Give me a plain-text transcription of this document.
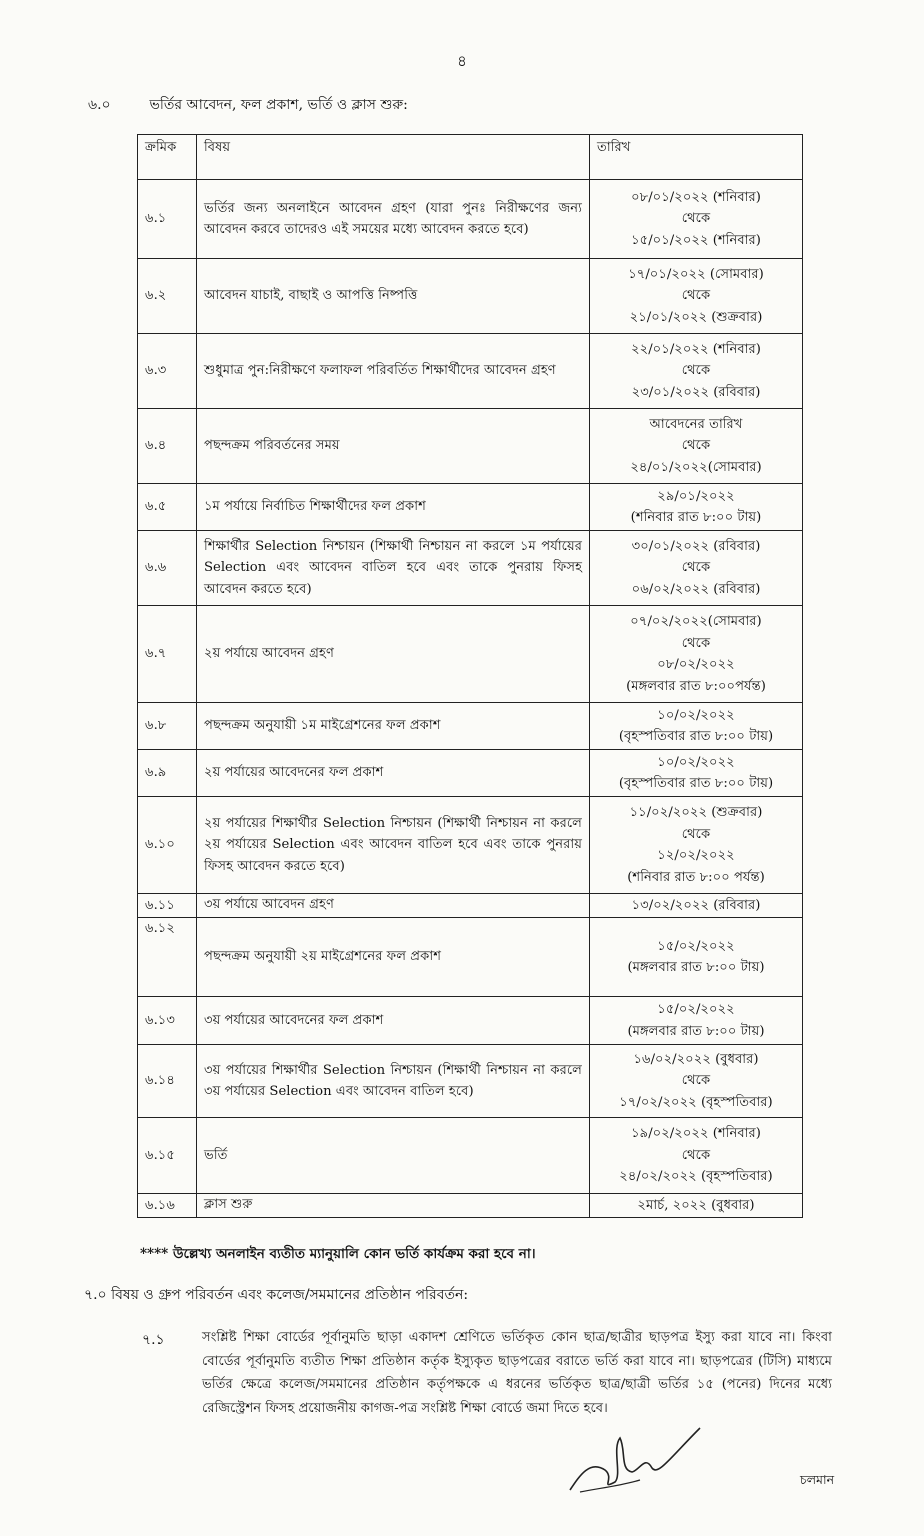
৪
৬.০	ভর্তির আবেদন, ফল প্রকাশ, ভর্তি ও ক্লাস শুরু:
ক্রমিক	বিষয়	তারিখ
৬.১	ভর্তির জন্য অনলাইনে আবেদন গ্রহণ (যারা পুনঃ নিরীক্ষণের জন্য আবেদন করবে তাদেরও এই সময়ের মধ্যে আবেদন করতে হবে)	০৮/০১/২০২২ (শনিবার)
থেকে
১৫/০১/২০২২ (শনিবার)

৬.২	আবেদন যাচাই, বাছাই ও আপত্তি নিষ্পত্তি	১৭/০১/২০২২ (সোমবার)
থেকে
২১/০১/২০২২ (শুক্রবার)

৬.৩	শুধুমাত্র পুন:নিরীক্ষণে ফলাফল পরিবর্তিত শিক্ষার্থীদের আবেদন গ্রহণ	২২/০১/২০২২ (শনিবার)
থেকে
২৩/০১/২০২২ (রবিবার)

৬.৪	পছন্দক্রম পরিবর্তনের সময়	আবেদনের তারিখ
থেকে
২৪/০১/২০২২(সোমবার)

৬.৫	১ম পর্যায়ে নির্বাচিত শিক্ষার্থীদের ফল প্রকাশ	২৯/০১/২০২২
(শনিবার রাত ৮:০০ টায়)

৬.৬	শিক্ষার্থীর Selection নিশ্চায়ন (শিক্ষার্থী নিশ্চায়ন না করলে ১ম পর্যায়ের Selection এবং আবেদন বাতিল হবে এবং তাকে পুনরায় ফিসহ আবেদন করতে হবে)	৩০/০১/২০২২ (রবিবার)
থেকে
০৬/০২/২০২২ (রবিবার)

৬.৭	২য় পর্যায়ে আবেদন গ্রহণ	০৭/০২/২০২২(সোমবার)
থেকে
০৮/০২/২০২২
(মঙ্গলবার রাত ৮:০০পর্যন্ত)

৬.৮	পছন্দক্রম অনুযায়ী ১ম মাইগ্রেশনের ফল প্রকাশ	১০/০২/২০২২
(বৃহস্পতিবার রাত ৮:০০ টায়)

৬.৯	২য় পর্যায়ের আবেদনের ফল প্রকাশ	১০/০২/২০২২
(বৃহস্পতিবার রাত ৮:০০ টায়)

৬.১০	২য় পর্যায়ের শিক্ষার্থীর Selection নিশ্চায়ন (শিক্ষার্থী নিশ্চায়ন না করলে ২য় পর্যায়ের Selection এবং আবেদন বাতিল হবে এবং তাকে পুনরায় ফিসহ আবেদন করতে হবে)	১১/০২/২০২২ (শুক্রবার)
থেকে
১২/০২/২০২২
(শনিবার রাত ৮:০০ পর্যন্ত)

৬.১১	৩য় পর্যায়ে আবেদন গ্রহণ	১৩/০২/২০২২ (রবিবার)

৬.১২	পছন্দক্রম অনুযায়ী ২য় মাইগ্রেশনের ফল প্রকাশ	১৫/০২/২০২২
(মঙ্গলবার রাত ৮:০০ টায়)

৬.১৩	৩য় পর্যায়ের আবেদনের ফল প্রকাশ	১৫/০২/২০২২
(মঙ্গলবার রাত ৮:০০ টায়)

৬.১৪	৩য় পর্যায়ের শিক্ষার্থীর Selection নিশ্চায়ন (শিক্ষার্থী নিশ্চায়ন না করলে ৩য় পর্যায়ের Selection এবং আবেদন বাতিল হবে)	১৬/০২/২০২২ (বুধবার)
থেকে
১৭/০২/২০২২ (বৃহস্পতিবার)

৬.১৫	ভর্তি	১৯/০২/২০২২ (শনিবার)
থেকে
২৪/০২/২০২২ (বৃহস্পতিবার)

৬.১৬	ক্লাস শুরু	২মার্চ, ২০২২ (বুধবার)
**** উল্লেখ্য অনলাইন ব্যতীত ম্যানুয়ালি কোন ভর্তি কার্যক্রম করা হবে না।
৭.০ বিষয় ও গ্রুপ পরিবর্তন এবং কলেজ/সমমানের প্রতিষ্ঠান পরিবর্তন:
৭.১	সংশ্লিষ্ট শিক্ষা বোর্ডের পূর্বানুমতি ছাড়া একাদশ শ্রেণিতে ভর্তিকৃত কোন ছাত্র/ছাত্রীর ছাড়পত্র ইস্যু করা যাবে না। কিংবা বোর্ডের পূর্বানুমতি ব্যতীত শিক্ষা প্রতিষ্ঠান কর্তৃক ইস্যুকৃত ছাড়পত্রের বরাতে ভর্তি করা যাবে না। ছাড়পত্রের (টিসি) মাধ্যমে ভর্তির ক্ষেত্রে কলেজ/সমমানের প্রতিষ্ঠান কর্তৃপক্ষকে এ ধরনের ভর্তিকৃত ছাত্র/ছাত্রী ভর্তির ১৫ (পনের) দিনের মধ্যে রেজিস্ট্রেশন ফিসহ প্রয়োজনীয় কাগজ-পত্র সংশ্লিষ্ট শিক্ষা বোর্ডে জমা দিতে হবে।
চলমান
